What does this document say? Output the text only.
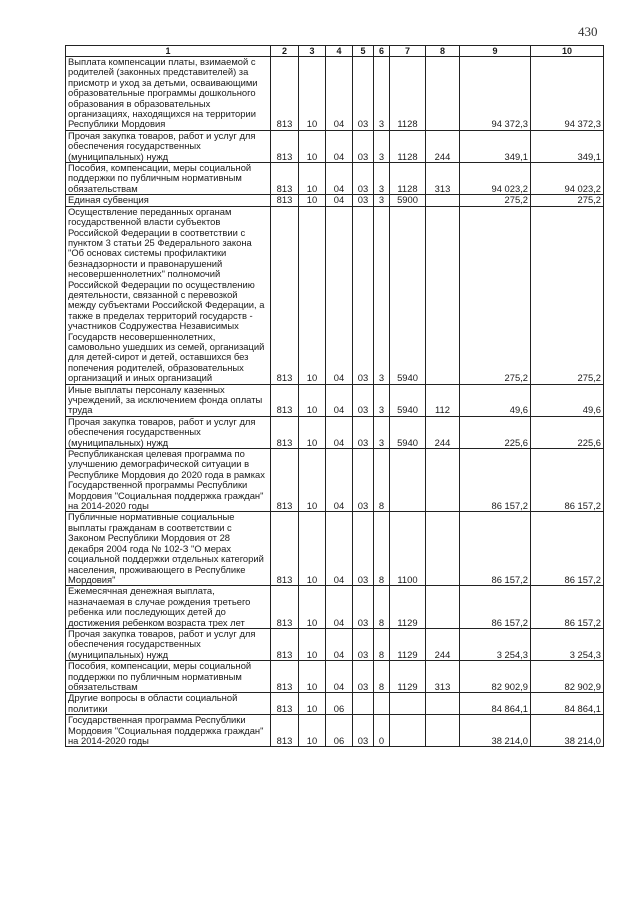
430
1	2	3	4	5	6	7	8	9	10
Выплата компенсации платы, взимаемой с родителей (законных представителей) за присмотр и уход за детьми, осваивающими образовательные программы дошкольного образования в образовательных организациях, находящихся на территории Республики Мордовия	813	10	04	03	3	1128		94 372,3	94 372,3
Прочая закупка товаров, работ и услуг для обеспечения государственных (муниципальных) нужд	813	10	04	03	3	1128	244	349,1	349,1
Пособия, компенсации, меры социальной поддержки по публичным нормативным обязательствам	813	10	04	03	3	1128	313	94 023,2	94 023,2
Единая субвенция	813	10	04	03	3	5900		275,2	275,2
Осуществление переданных органам государственной власти субъектов Российской Федерации в соответствии с пунктом 3 статьи 25 Федерального закона "Об основах системы профилактики безнадзорности и правонарушений несовершеннолетних" полномочий Российской Федерации по осуществлению деятельности, связанной с перевозкой между субъектами Российской Федерации, а также в пределах территорий государств - участников Содружества Независимых Государств несовершеннолетних, самовольно ушедших из семей, организаций для детей-сирот и детей, оставшихся без попечения родителей, образовательных организаций и иных организаций	813	10	04	03	3	5940		275,2	275,2
Иные выплаты персоналу казенных учреждений, за исключением фонда оплаты труда	813	10	04	03	3	5940	112	49,6	49,6
Прочая закупка товаров, работ и услуг для обеспечения государственных (муниципальных) нужд	813	10	04	03	3	5940	244	225,6	225,6
Республиканская целевая программа по улучшению демографической ситуации в Республике Мордовия до 2020 года в рамках Государственной программы Республики Мордовия "Социальная поддержка граждан" на 2014-2020 годы	813	10	04	03	8			86 157,2	86 157,2
Публичные нормативные социальные выплаты гражданам в соответствии с Законом Республики Мордовия от 28 декабря 2004 года № 102-З "О мерах социальной поддержки отдельных категорий населения, проживающего в Республике Мордовия"	813	10	04	03	8	1100		86 157,2	86 157,2
Ежемесячная денежная выплата, назначаемая в случае рождения третьего ребенка или последующих детей до достижения ребенком возраста трех лет	813	10	04	03	8	1129		86 157,2	86 157,2
Прочая закупка товаров, работ и услуг для обеспечения государственных (муниципальных) нужд	813	10	04	03	8	1129	244	3 254,3	3 254,3
Пособия, компенсации, меры социальной поддержки по публичным нормативным обязательствам	813	10	04	03	8	1129	313	82 902,9	82 902,9
Другие вопросы в области социальной политики	813	10	06					84 864,1	84 864,1
Государственная программа Республики Мордовия "Социальная поддержка граждан" на 2014-2020 годы	813	10	06	03	0			38 214,0	38 214,0
